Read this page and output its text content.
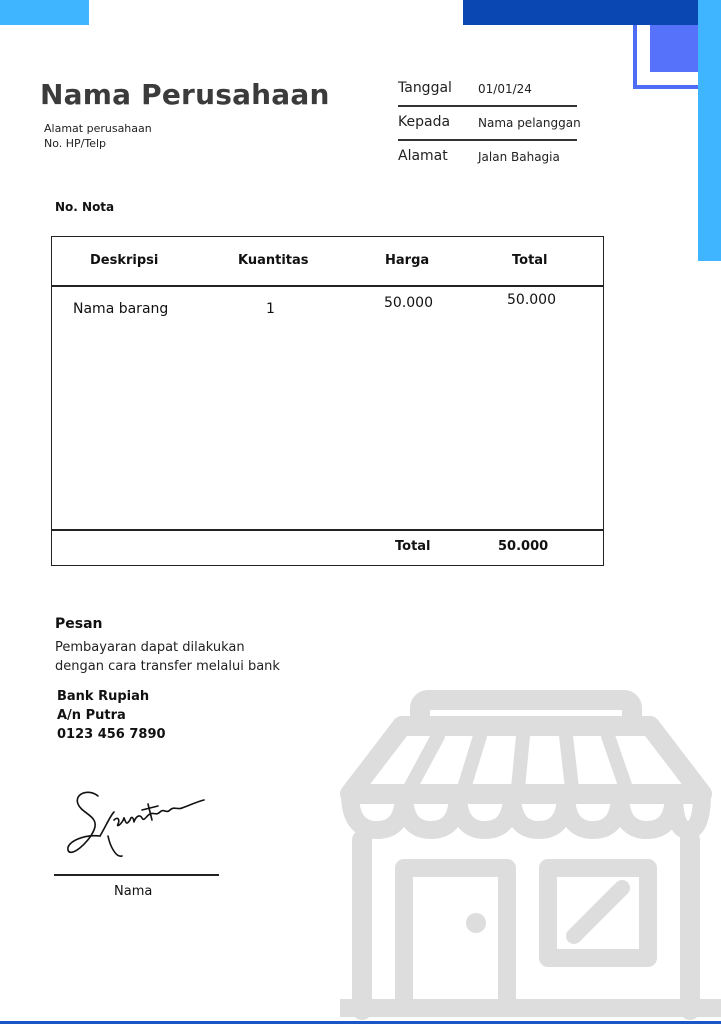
Nama Perusahaan
Alamat perusahaan
No. HP/Telp
Tanggal 01/01/24
Kepada Nama pelanggan
Alamat	Jalan Bahagia
No. Nota
Deskripsi	Kuantitas	Harga	Total
Nama barang	1	50.000	50.000
Total	50.000
Pesan
Pembayaran dapat dilakukan
dengan cara transfer melalui bank
Bank Rupiah
A/n Putra
0123 456 7890
Nama
